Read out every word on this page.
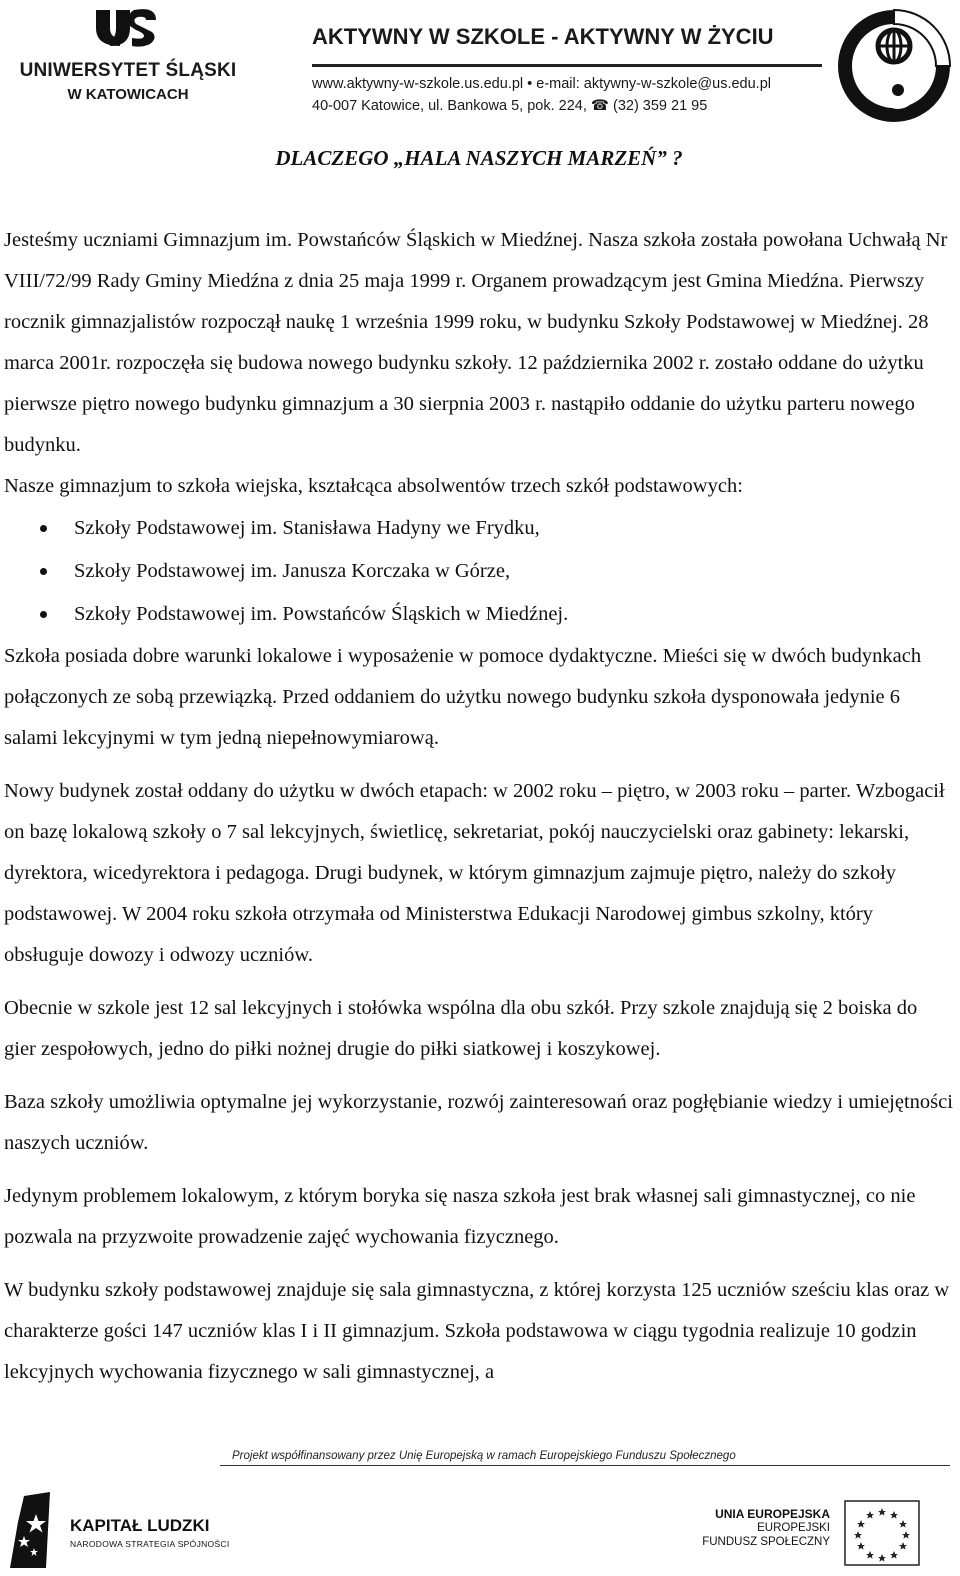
UNIWERSYTET ŚLĄSKI
W KATOWICACH
AKTYWNY W SZKOLE - AKTYWNY W ŻYCIU
www.aktywny-w-szkole.us.edu.pl • e-mail: aktywny-w-szkole@us.edu.pl
40-007 Katowice, ul. Bankowa 5, pok. 224, ☎ (32) 359 21 95
DLACZEGO „HALA NASZYCH MARZEŃ” ?

Jesteśmy uczniami Gimnazjum im. Powstańców Śląskich w Miedźnej. Nasza szkoła została powołana Uchwałą Nr VIII/72/99 Rady Gminy Miedźna z dnia 25 maja 1999 r. Organem prowadzącym jest Gmina Miedźna. Pierwszy rocznik gimnazjalistów rozpoczął naukę 1 września 1999 roku, w budynku Szkoły Podstawowej w Miedźnej. 28 marca 2001r. rozpoczęła się budowa nowego budynku szkoły. 12 października 2002 r. zostało oddane do użytku pierwsze piętro nowego budynku gimnazjum a 30 sierpnia 2003 r. nastąpiło oddanie do użytku parteru nowego budynku.

Nasze gimnazjum to szkoła wiejska, kształcąca absolwentów trzech szkół podstawowych:

Szkoły Podstawowej im. Stanisława Hadyny we Frydku,
Szkoły Podstawowej im. Janusza Korczaka w Górze,
Szkoły Podstawowej im. Powstańców Śląskich w Miedźnej.

Szkoła posiada dobre warunki lokalowe i wyposażenie w pomoce dydaktyczne. Mieści się w dwóch budynkach połączonych ze sobą przewiązką. Przed oddaniem do użytku nowego budynku szkoła dysponowała jedynie 6 salami lekcyjnymi w tym jedną niepełnowymiarową.

Nowy budynek został oddany do użytku w dwóch etapach: w 2002 roku – piętro, w 2003 roku – parter. Wzbogacił on bazę lokalową szkoły o 7 sal lekcyjnych, świetlicę, sekretariat, pokój nauczycielski oraz gabinety: lekarski, dyrektora, wicedyrektora i pedagoga. Drugi budynek, w którym gimnazjum zajmuje piętro, należy do szkoły podstawowej. W 2004 roku szkoła otrzymała od Ministerstwa Edukacji Narodowej gimbus szkolny, który obsługuje dowozy i odwozy uczniów.

Obecnie w szkole jest 12 sal lekcyjnych i stołówka wspólna dla obu szkół. Przy szkole znajdują się 2 boiska do gier zespołowych, jedno do piłki nożnej drugie do piłki siatkowej i koszykowej.

Baza szkoły umożliwia optymalne jej wykorzystanie, rozwój zainteresowań oraz pogłębianie wiedzy i umiejętności naszych uczniów.

Jedynym problemem lokalowym, z którym boryka się nasza szkoła jest brak własnej sali gimnastycznej, co nie pozwala na przyzwoite prowadzenie zajęć wychowania fizycznego.

W budynku szkoły podstawowej znajduje się sala gimnastyczna, z której korzysta 125 uczniów sześciu klas oraz w charakterze gości 147 uczniów klas I i II gimnazjum. Szkoła podstawowa w ciągu tygodnia realizuje 10 godzin lekcyjnych wychowania fizycznego w sali gimnastycznej, a

Projekt współfinansowany przez Unię Europejską w ramach Europejskiego Funduszu Społecznego
KAPITAŁ LUDZKI
NARODOWA STRATEGIA SPÓJNOŚCI
UNIA EUROPEJSKA
EUROPEJSKI
FUNDUSZ SPOŁECZNY
